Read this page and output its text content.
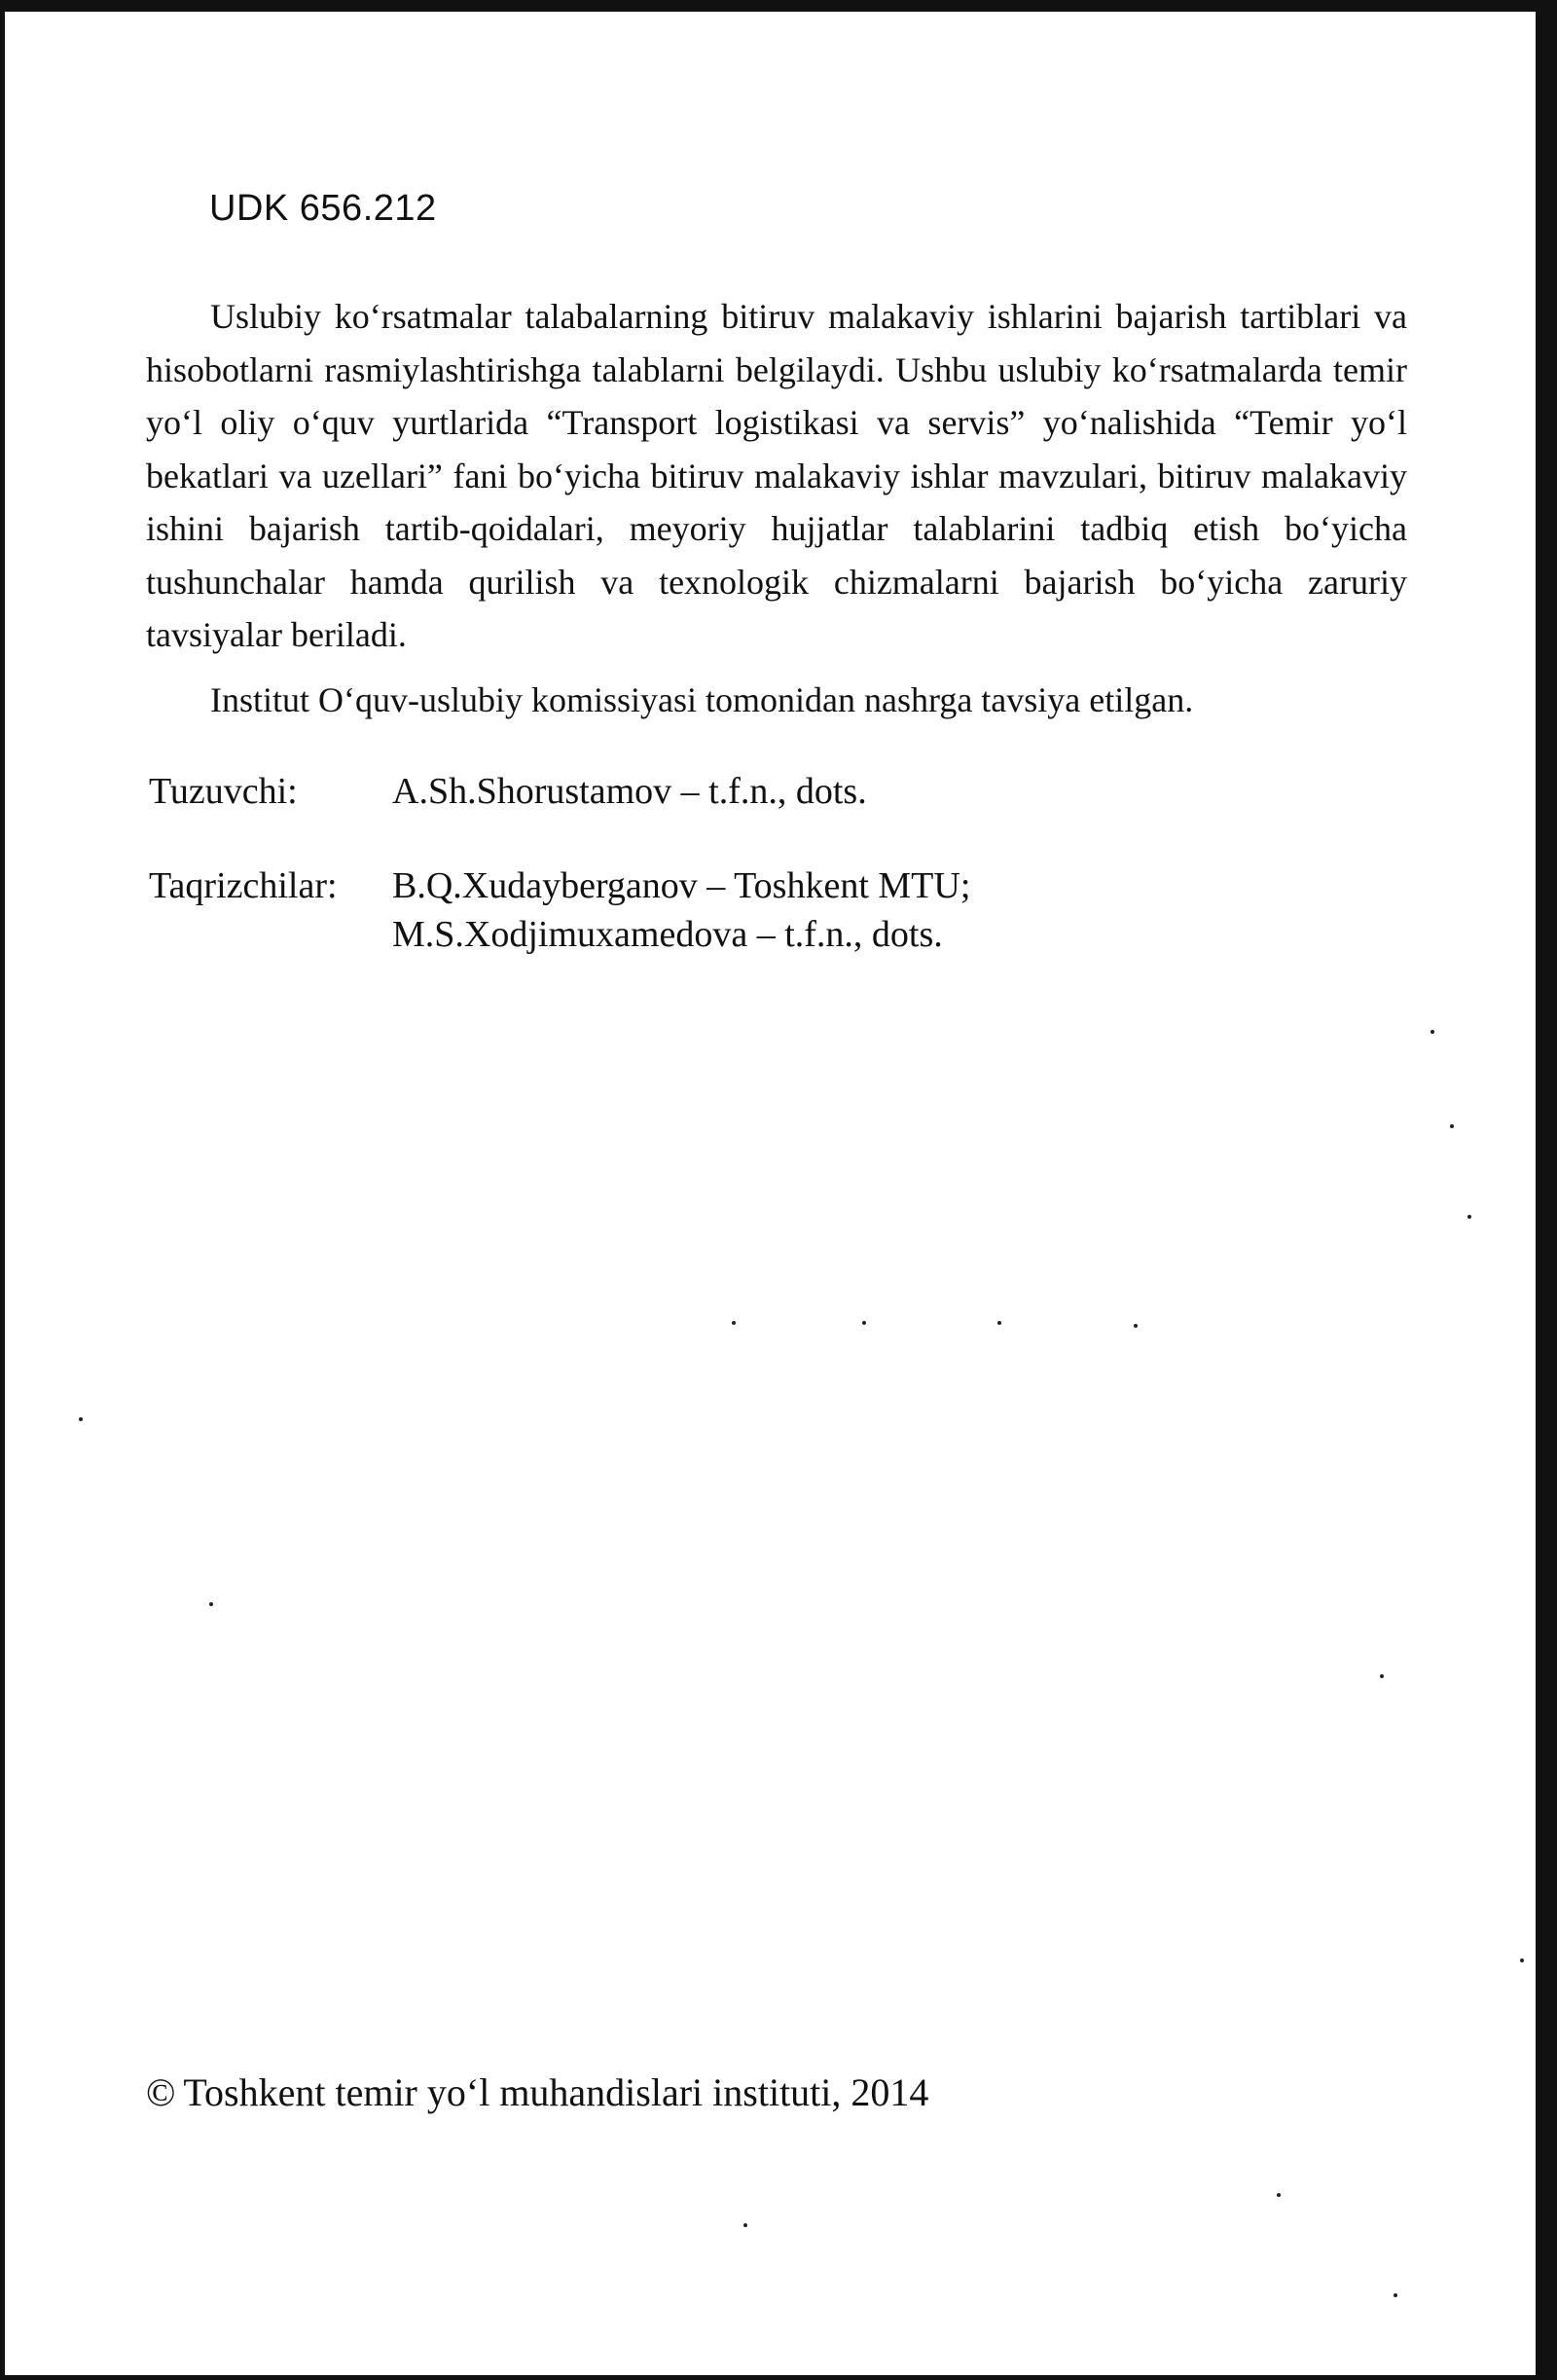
UDK 656.212

Uslubiy ko‘rsatmalar talabalarning bitiruv malakaviy ishlarini bajarish tartiblari va hisobotlarni rasmiylashtirishga talablarni belgilaydi. Ushbu uslubiy ko‘rsatmalarda temir yo‘l oliy o‘quv yurtlarida “Transport logistikasi va servis” yo‘nalishida “Temir yo‘l bekatlari va uzellari” fani bo‘yicha bitiruv malakaviy ishlar mavzulari, bitiruv malakaviy ishini bajarish tartib-qoidalari, meyoriy hujjatlar talablarini tadbiq etish bo‘yicha tushunchalar hamda qurilish va texnologik chizmalarni bajarish bo‘yicha zaruriy tavsiyalar beriladi.

Institut O‘quv-uslubiy komissiyasi tomonidan nashrga tavsiya etilgan.
Tuzuvchi:	A.Sh.Shorustamov – t.f.n., dots.
Taqrizchilar: B.Q.Xudayberganov – Toshkent MTU;
M.S.Xodjimuxamedova – t.f.n., dots.
© Toshkent temir yo‘l muhandislari instituti, 2014
